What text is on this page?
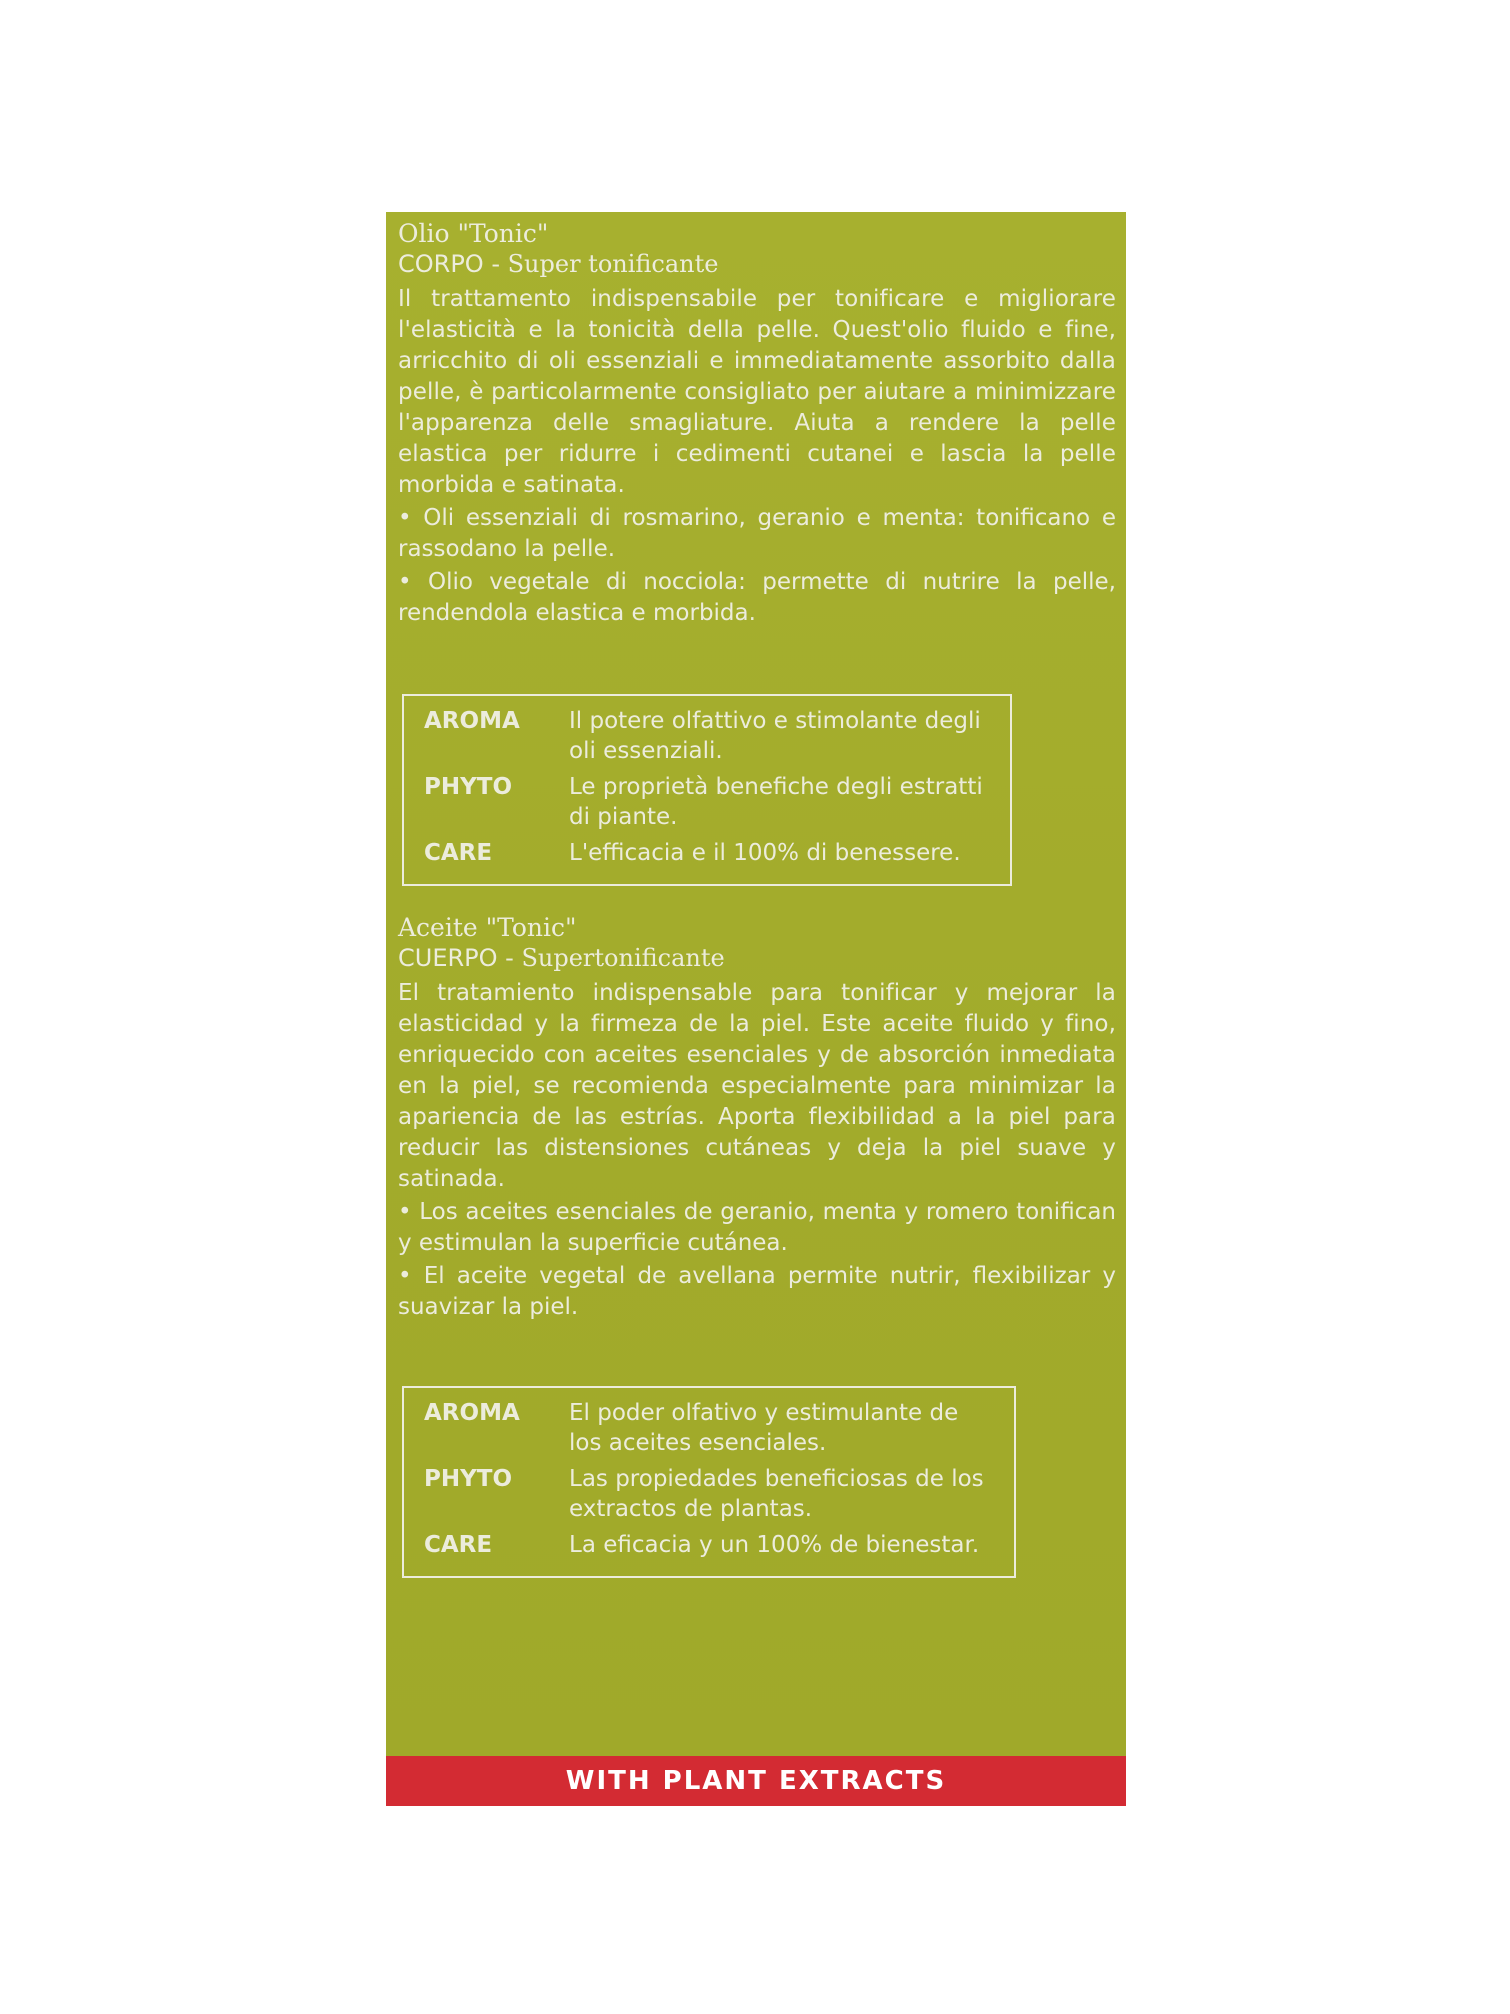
Olio "Tonic"
CORPO - Super tonificante

Il trattamento indispensabile per tonificare e migliorare l'elasticità e la tonicità della pelle. Quest'olio fluido e fine, arricchito di oli essenziali e immediatamente assorbito dalla pelle, è particolarmente consigliato per aiutare a minimizzare l'apparenza delle smagliature. Aiuta a rendere la pelle elastica per ridurre i cedimenti cutanei e lascia la pelle morbida e satinata.

• Oli essenziali di rosmarino, geranio e menta: tonificano e rassodano la pelle.

• Olio vegetale di nocciola: permette di nutrire la pelle, rendendola elastica e morbida.

AROMA	Il potere olfattivo e stimolante degli oli essenziali.
PHYTO	Le proprietà benefiche degli estratti di piante.
CARE	L'efficacia e il 100% di benessere.
Aceite "Tonic"
CUERPO - Supertonificante

El tratamiento indispensable para tonificar y mejorar la elasticidad y la firmeza de la piel. Este aceite fluido y fino, enriquecido con aceites esenciales y de absorción inmediata en la piel, se recomienda especialmente para minimizar la apariencia de las estrías. Aporta flexibilidad a la piel para reducir las distensiones cutáneas y deja la piel suave y satinada.

• Los aceites esenciales de geranio, menta y romero tonifican y estimulan la superficie cutánea.

• El aceite vegetal de avellana permite nutrir, flexibilizar y suavizar la piel.

AROMA	El poder olfativo y estimulante de los aceites esenciales.
PHYTO	Las propiedades beneficiosas de los extractos de plantas.
CARE	La eficacia y un 100% de bienestar.
WITH PLANT EXTRACTS
